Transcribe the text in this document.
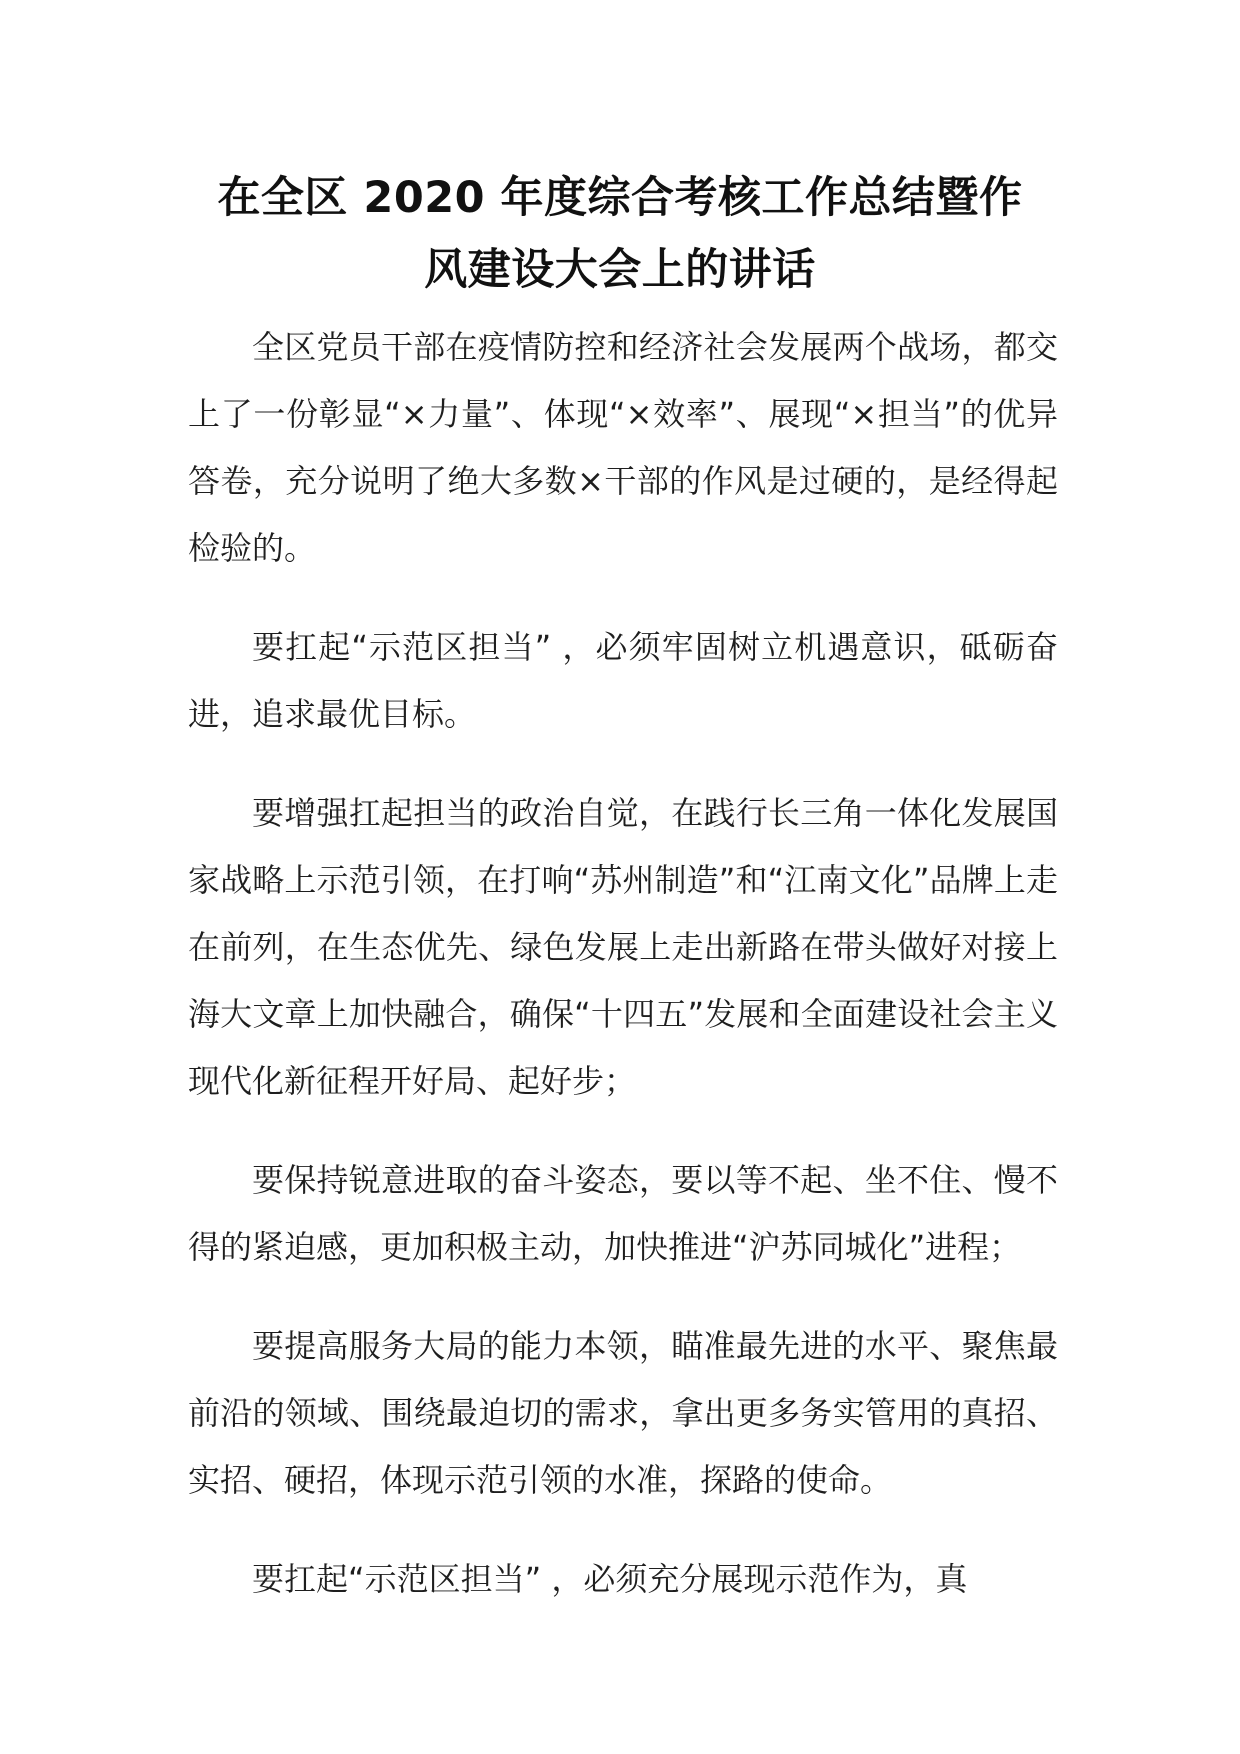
在全区 2020 年度综合考核工作总结暨作
风建设大会上的讲话

全区党员干部在疫情防控和经济社会发展两个战场，都交上了一份彰显“×力量”、体现“×效率”、展现“×担当”的优异答卷，充分说明了绝大多数×干部的作风是过硬的，是经得起检验的。

要扛起“示范区担当” ，必须牢固树立机遇意识，砥砺奋进，追求最优目标。

要增强扛起担当的政治自觉，在践行长三角一体化发展国家战略上示范引领，在打响“苏州制造”和“江南文化”品牌上走在前列，在生态优先、绿色发展上走出新路在带头做好对接上海大文章上加快融合，确保“十四五”发展和全面建设社会主义现代化新征程开好局、起好步；

要保持锐意进取的奋斗姿态，要以等不起、坐不住、慢不得的紧迫感，更加积极主动，加快推进“沪苏同城化”进程；

要提高服务大局的能力本领，瞄准最先进的水平、聚焦最前沿的领域、围绕最迫切的需求，拿出更多务实管用的真招、实招、硬招，体现示范引领的水准，探路的使命。

要扛起“示范区担当” ，必须充分展现示范作为，真
